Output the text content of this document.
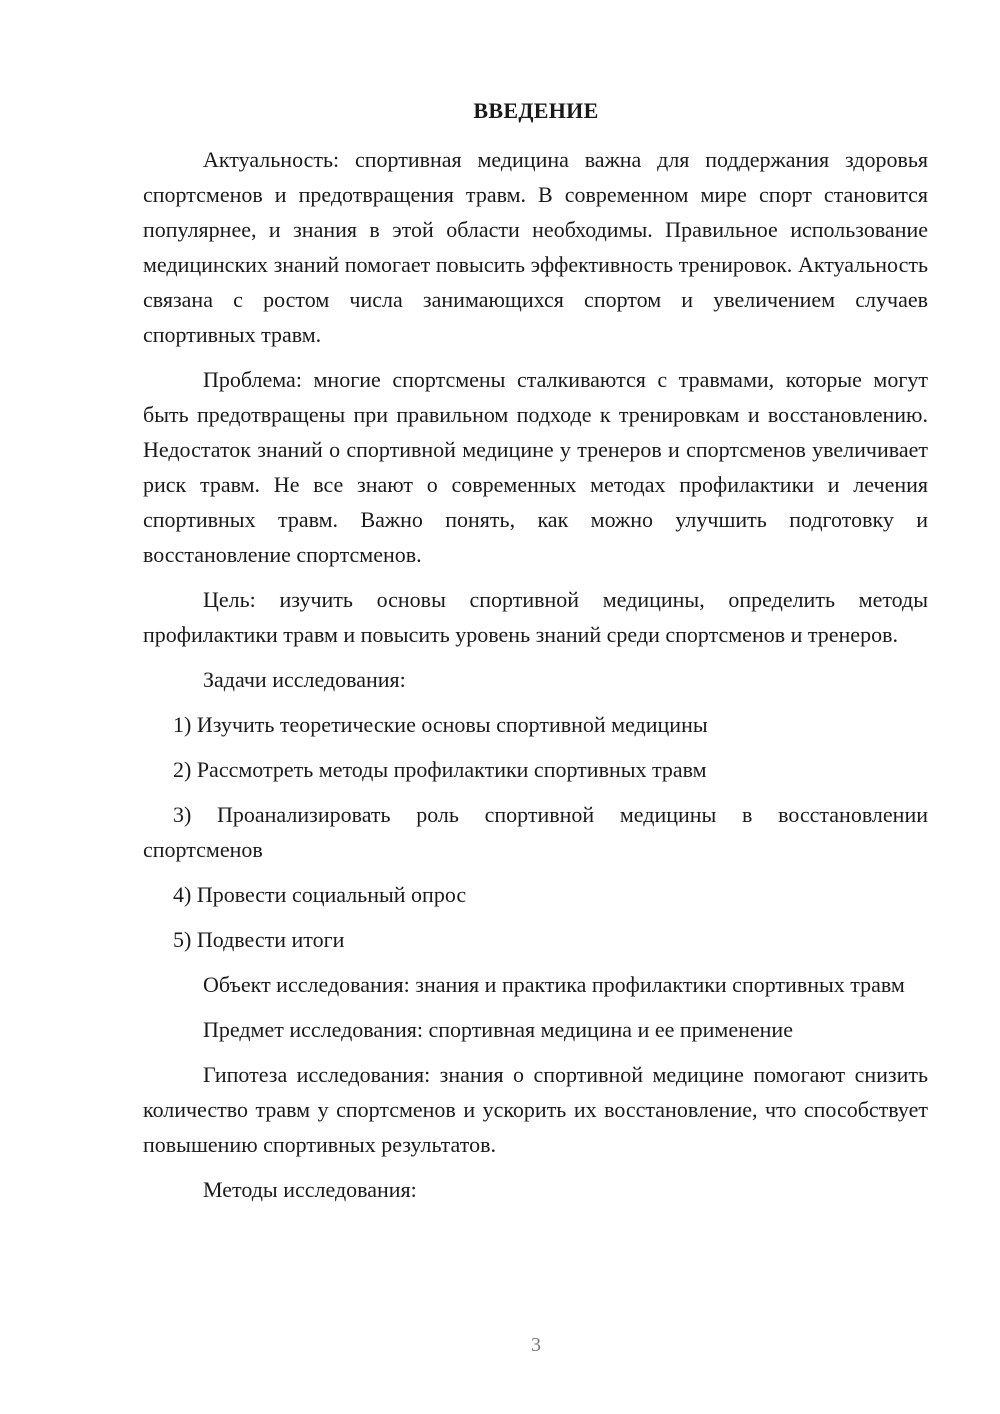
ВВЕДЕНИЕ

Актуальность: спортивная медицина важна для поддержания здоровья спортсменов и предотвращения травм. В современном мире спорт становится популярнее, и знания в этой области необходимы. Правильное использование медицинских знаний помогает повысить эффективность тренировок. Актуальность связана с ростом числа занимающихся спортом и увеличением случаев спортивных травм.

Проблема: многие спортсмены сталкиваются с травмами, которые могут быть предотвращены при правильном подходе к тренировкам и восстановлению. Недостаток знаний о спортивной медицине у тренеров и спортсменов увеличивает риск травм. Не все знают о современных методах профилактики и лечения спортивных травм. Важно понять, как можно улучшить подготовку и восстановление спортсменов.

Цель: изучить основы спортивной медицины, определить методы профилактики травм и повысить уровень знаний среди спортсменов и тренеров.

Задачи исследования:

1) Изучить теоретические основы спортивной медицины

2) Рассмотреть методы профилактики спортивных травм

3) Проанализировать роль спортивной медицины в восстановлении спортсменов

4) Провести социальный опрос

5) Подвести итоги

Объект исследования: знания и практика профилактики спортивных травм

Предмет исследования: спортивная медицина и ее применение

Гипотеза исследования: знания о спортивной медицине помогают снизить количество травм у спортсменов и ускорить их восстановление, что способствует повышению спортивных результатов.

Методы исследования:

3
